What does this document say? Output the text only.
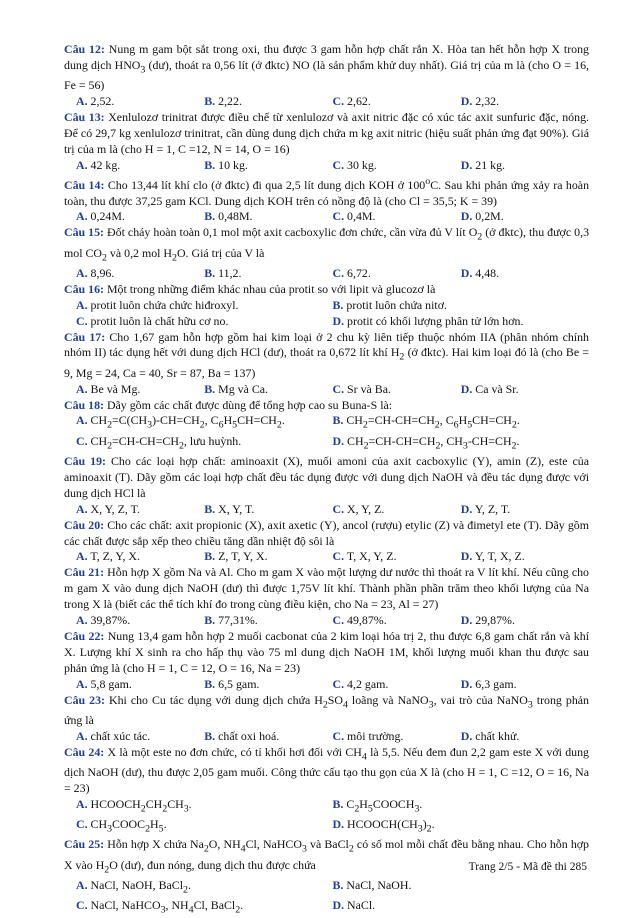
Câu 12: Nung m gam bột sắt trong oxi, thu được 3 gam hỗn hợp chất rắn X. Hòa tan hết hỗn hợp X trong dung dịch $HNO_3$ (dư), thoát ra 0,56 lít (ở đktc) NO (là sản phẩm khử duy nhất). Giá trị của m là (cho O = 16, Fe = 56)
A. 2,52.	B. 2,22.	C. 2,62.	D. 2,32.
Câu 13: Xenlulozơ trinitrat được điều chế từ xenlulozơ và axit nitric đặc có xúc tác axit sunfuric đặc, nóng. Để có 29,7 kg xenlulozơ trinitrat, cần dùng dung dịch chứa m kg axit nitric (hiệu suất phản ứng đạt 90%). Giá trị của m là (cho H = 1, C =12, N = 14, O = 16)
A. 42 kg.	B. 10 kg.	C. 30 kg.	D. 21 kg.
Câu 14: Cho 13,44 lít khí clo (ở đktc) đi qua 2,5 lít dung dịch KOH ở 100$^o$C. Sau khi phản ứng xảy ra hoàn toàn, thu được 37,25 gam KCl. Dung dịch KOH trên có nồng độ là (cho Cl = 35,5; K = 39)
A. 0,24M.	B. 0,48M.	C. 0,4M.	D. 0,2M.
Câu 15: Đốt cháy hoàn toàn 0,1 mol một axit cacboxylic đơn chức, cần vừa đủ V lít $O_2$ (ở đktc), thu được 0,3 mol $CO_2$ và 0,2 mol $H_2O$. Giá trị của V là
A. 8,96.	B. 11,2.	C. 6,72.	D. 4,48.
Câu 16: Một trong những điểm khác nhau của protit so với lipit và glucozơ là
A. protit luôn chứa chức hiđroxyl.	B. protit luôn chứa nitơ.
C. protit luôn là chất hữu cơ no.	D. protit có khối lượng phân tử lớn hơn.
Câu 17: Cho 1,67 gam hỗn hợp gồm hai kim loại ở 2 chu kỳ liên tiếp thuộc nhóm IIA (phân nhóm chính nhóm II) tác dụng hết với dung dịch HCl (dư), thoát ra 0,672 lít khí $H_2$ (ở đktc). Hai kim loại đó là (cho Be = 9, Mg = 24, Ca = 40, Sr = 87, Ba = 137)
A. Be và Mg.	B. Mg và Ca.	C. Sr và Ba.	D. Ca và Sr.
Câu 18: Dãy gồm các chất được dùng để tổng hợp cao su Buna-S là:
A. $CH_2=C(CH_3)-CH=CH_2$, $C_6H_5CH=CH_2$.	B. $CH_2=CH-CH=CH_2$, $C_6H_5CH=CH_2$.
C. $CH_2=CH-CH=CH_2$, lưu huỳnh.	D. $CH_2=CH-CH=CH_2$, $CH_3-CH=CH_2$.
Câu 19: Cho các loại hợp chất: aminoaxit (X), muối amoni của axit cacboxylic (Y), amin (Z), este của aminoaxit (T). Dãy gồm các loại hợp chất đều tác dụng được với dung dịch NaOH và đều tác dụng được với dung dịch HCl là
A. X, Y, Z, T.	B. X, Y, T.	C. X, Y, Z.	D. Y, Z, T.
Câu 20: Cho các chất: axit propionic (X), axit axetic (Y), ancol (rượu) etylic (Z) và đimetyl ete (T). Dãy gồm các chất được sắp xếp theo chiều tăng dần nhiệt độ sôi là
A. T, Z, Y, X.	B. Z, T, Y, X.	C. T, X, Y, Z.	D. Y, T, X, Z.
Câu 21: Hỗn hợp X gồm Na và Al. Cho m gam X vào một lượng dư nước thì thoát ra V lít khí. Nếu cũng cho m gam X vào dung dịch NaOH (dư) thì được 1,75V lít khí. Thành phần phần trăm theo khối lượng của Na trong X là (biết các thể tích khí đo trong cùng điều kiện, cho Na = 23, Al = 27)
A. 39,87%.	B. 77,31%.	C. 49,87%.	D. 29,87%.
Câu 22: Nung 13,4 gam hỗn hợp 2 muối cacbonat của 2 kim loại hóa trị 2, thu được 6,8 gam chất rắn và khí X. Lượng khí X sinh ra cho hấp thụ vào 75 ml dung dịch NaOH 1M, khối lượng muối khan thu được sau phản ứng là (cho H = 1, C = 12, O = 16, Na = 23)
A. 5,8 gam.	B. 6,5 gam.	C. 4,2 gam.	D. 6,3 gam.
Câu 23: Khi cho Cu tác dụng với dung dịch chứa $H_2SO_4$ loãng và NaNO$_3$, vai trò của NaNO$_3$ trong phản ứng là
A. chất xúc tác.	B. chất oxi hoá.	C. môi trường.	D. chất khử.
Câu 24: X là một este no đơn chức, có tỉ khối hơi đối với $CH_4$ là 5,5. Nếu đem đun 2,2 gam este X với dung dịch NaOH (dư), thu được 2,05 gam muối. Công thức cấu tạo thu gọn của X là (cho H = 1, C =12, O = 16, Na = 23)
A. $HCOOCH_2CH_2CH_3$.	B. $C_2H_5COOCH_3$.
C. $CH_3COOC_2H_5$.	D. $HCOOCH(CH_3)_2$.
Câu 25: Hỗn hợp X chứa $Na_2O$, $NH_4Cl$, NaHCO$_3$ và BaCl$_2$ có số mol mỗi chất đều bằng nhau. Cho hỗn hợp X vào $H_2O$ (dư), đun nóng, dung dịch thu được chứa
A. NaCl, NaOH, BaCl$_2$.	B. NaCl, NaOH.
C. NaCl, NaHCO$_3$, $NH_4Cl$, BaCl$_2$.	D. NaCl.
Trang 2/5 - Mã đề thi 285
